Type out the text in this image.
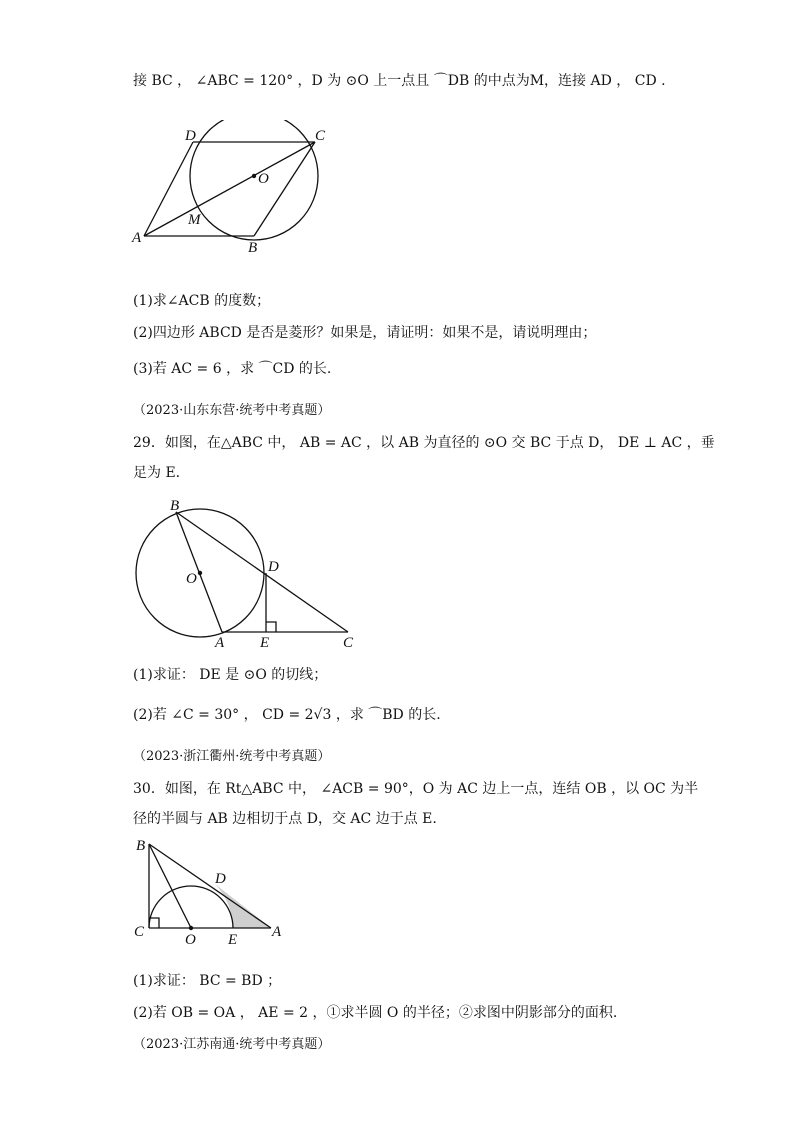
接 BC ， ∠ABC = 120° ，D 为 ⊙O 上一点且 ⌒DB 的中点为M，连接 AD ， CD .
D	C
O
M
A
B
(1)求∠ACB 的度数；
(2)四边形 ABCD 是否是菱形？如果是，请证明：如果不是，请说明理由；
(3)若 AC = 6 ，求 ⌒CD 的长.
（2023·山东东营·统考中考真题）
29．如图，在△ABC 中， AB = AC ，以 AB 为直径的 ⊙O 交 BC 于点 D， DE ⊥ AC ，垂
足为 E.
B
O
D
A E	C
(1)求证： DE 是 ⊙O 的切线；
(2)若 ∠C = 30° ， CD = 2√3 ，求 ⌒BD 的长.
（2023·浙江衢州·统考中考真题）
30．如图，在 Rt△ABC 中， ∠ACB = 90°，O 为 AC 边上一点，连结 OB ，以 OC 为半
径的半圆与 AB 边相切于点 D，交 AC 边于点 E.
B
D
C	O E A
(1)求证： BC = BD ；
(2)若 OB = OA ， AE = 2 ，①求半圆 O 的半径；②求图中阴影部分的面积.
（2023·江苏南通·统考中考真题）
